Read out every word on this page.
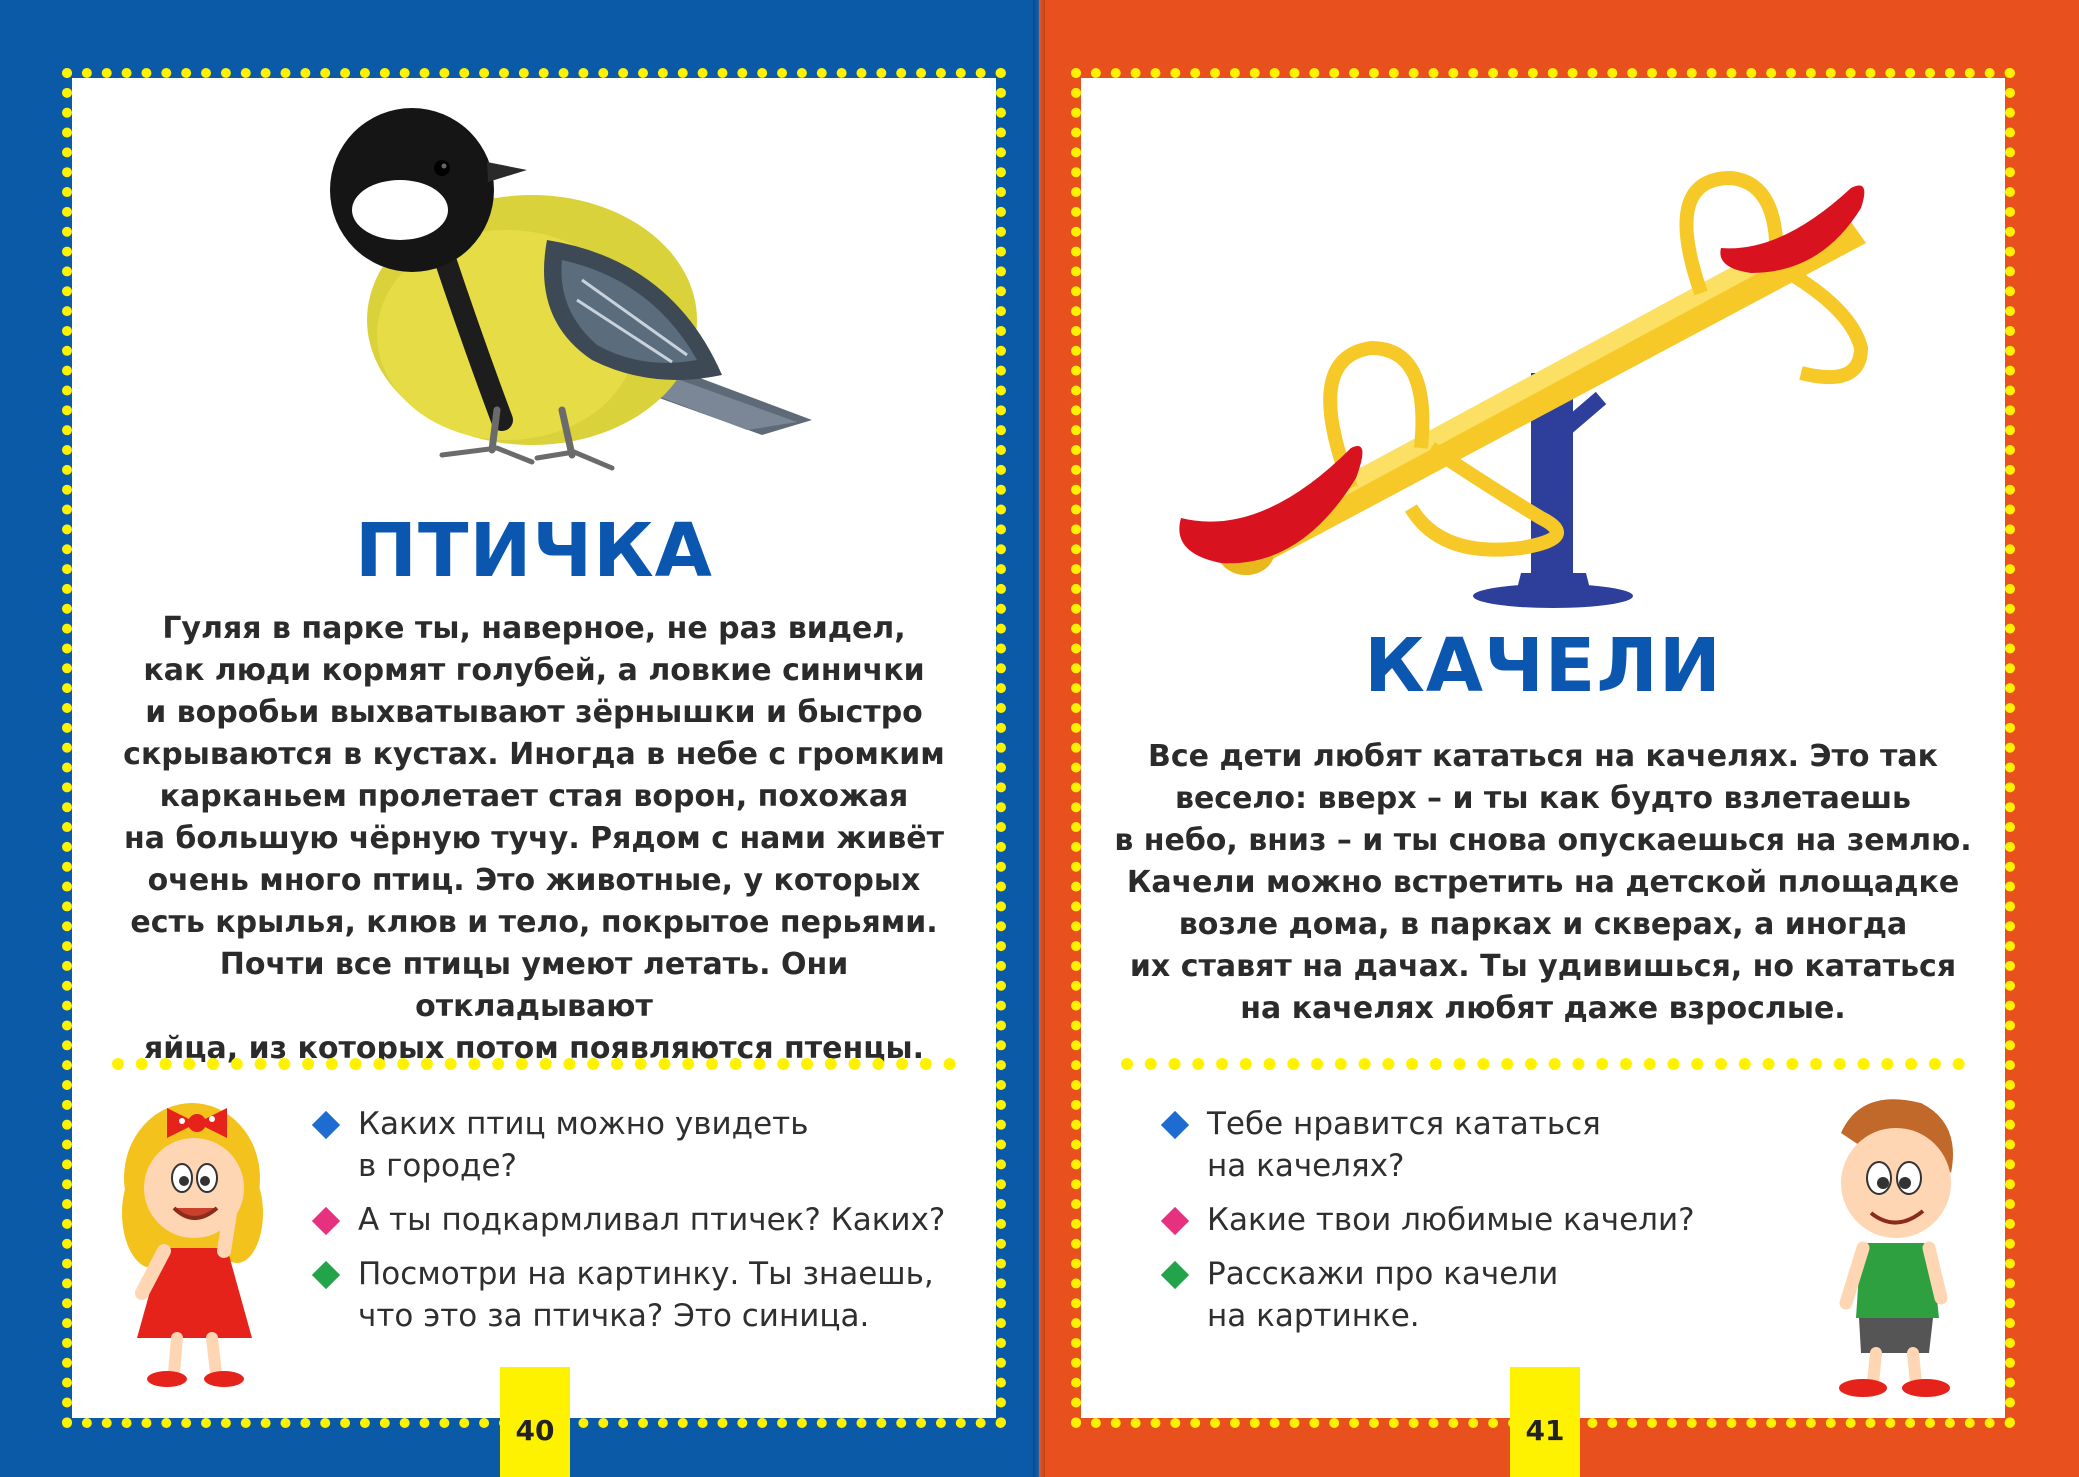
ПТИЧКА
Гуляя в парке ты, наверное, не раз видел,
как люди кормят голубей, а ловкие синички
и воробьи выхватывают зёрнышки и быстро
скрываются в кустах. Иногда в небе с громким
карканьем пролетает стая ворон, похожая
на большую чёрную тучу. Рядом с нами живёт
очень много птиц. Это животные, у которых
есть крылья, клюв и тело, покрытое перьями.
Почти все птицы умеют летать. Они откладывают
яйца, из которых потом появляются птенцы.
Каких птиц можно увидеть
в городе?
А ты подкармливал птичек? Каких?
Посмотри на картинку. Ты знаешь,
что это за птичка? Это синица.
40
КАЧЕЛИ
Все дети любят кататься на качелях. Это так
весело: вверх – и ты как будто взлетаешь
в небо, вниз – и ты снова опускаешься на землю.
Качели можно встретить на детской площадке
возле дома, в парках и скверах, а иногда
их ставят на дачах. Ты удивишься, но кататься
на качелях любят даже взрослые.
Тебе нравится кататься
на качелях?
Какие твои любимые качели?
Расскажи про качели
на картинке.
41
